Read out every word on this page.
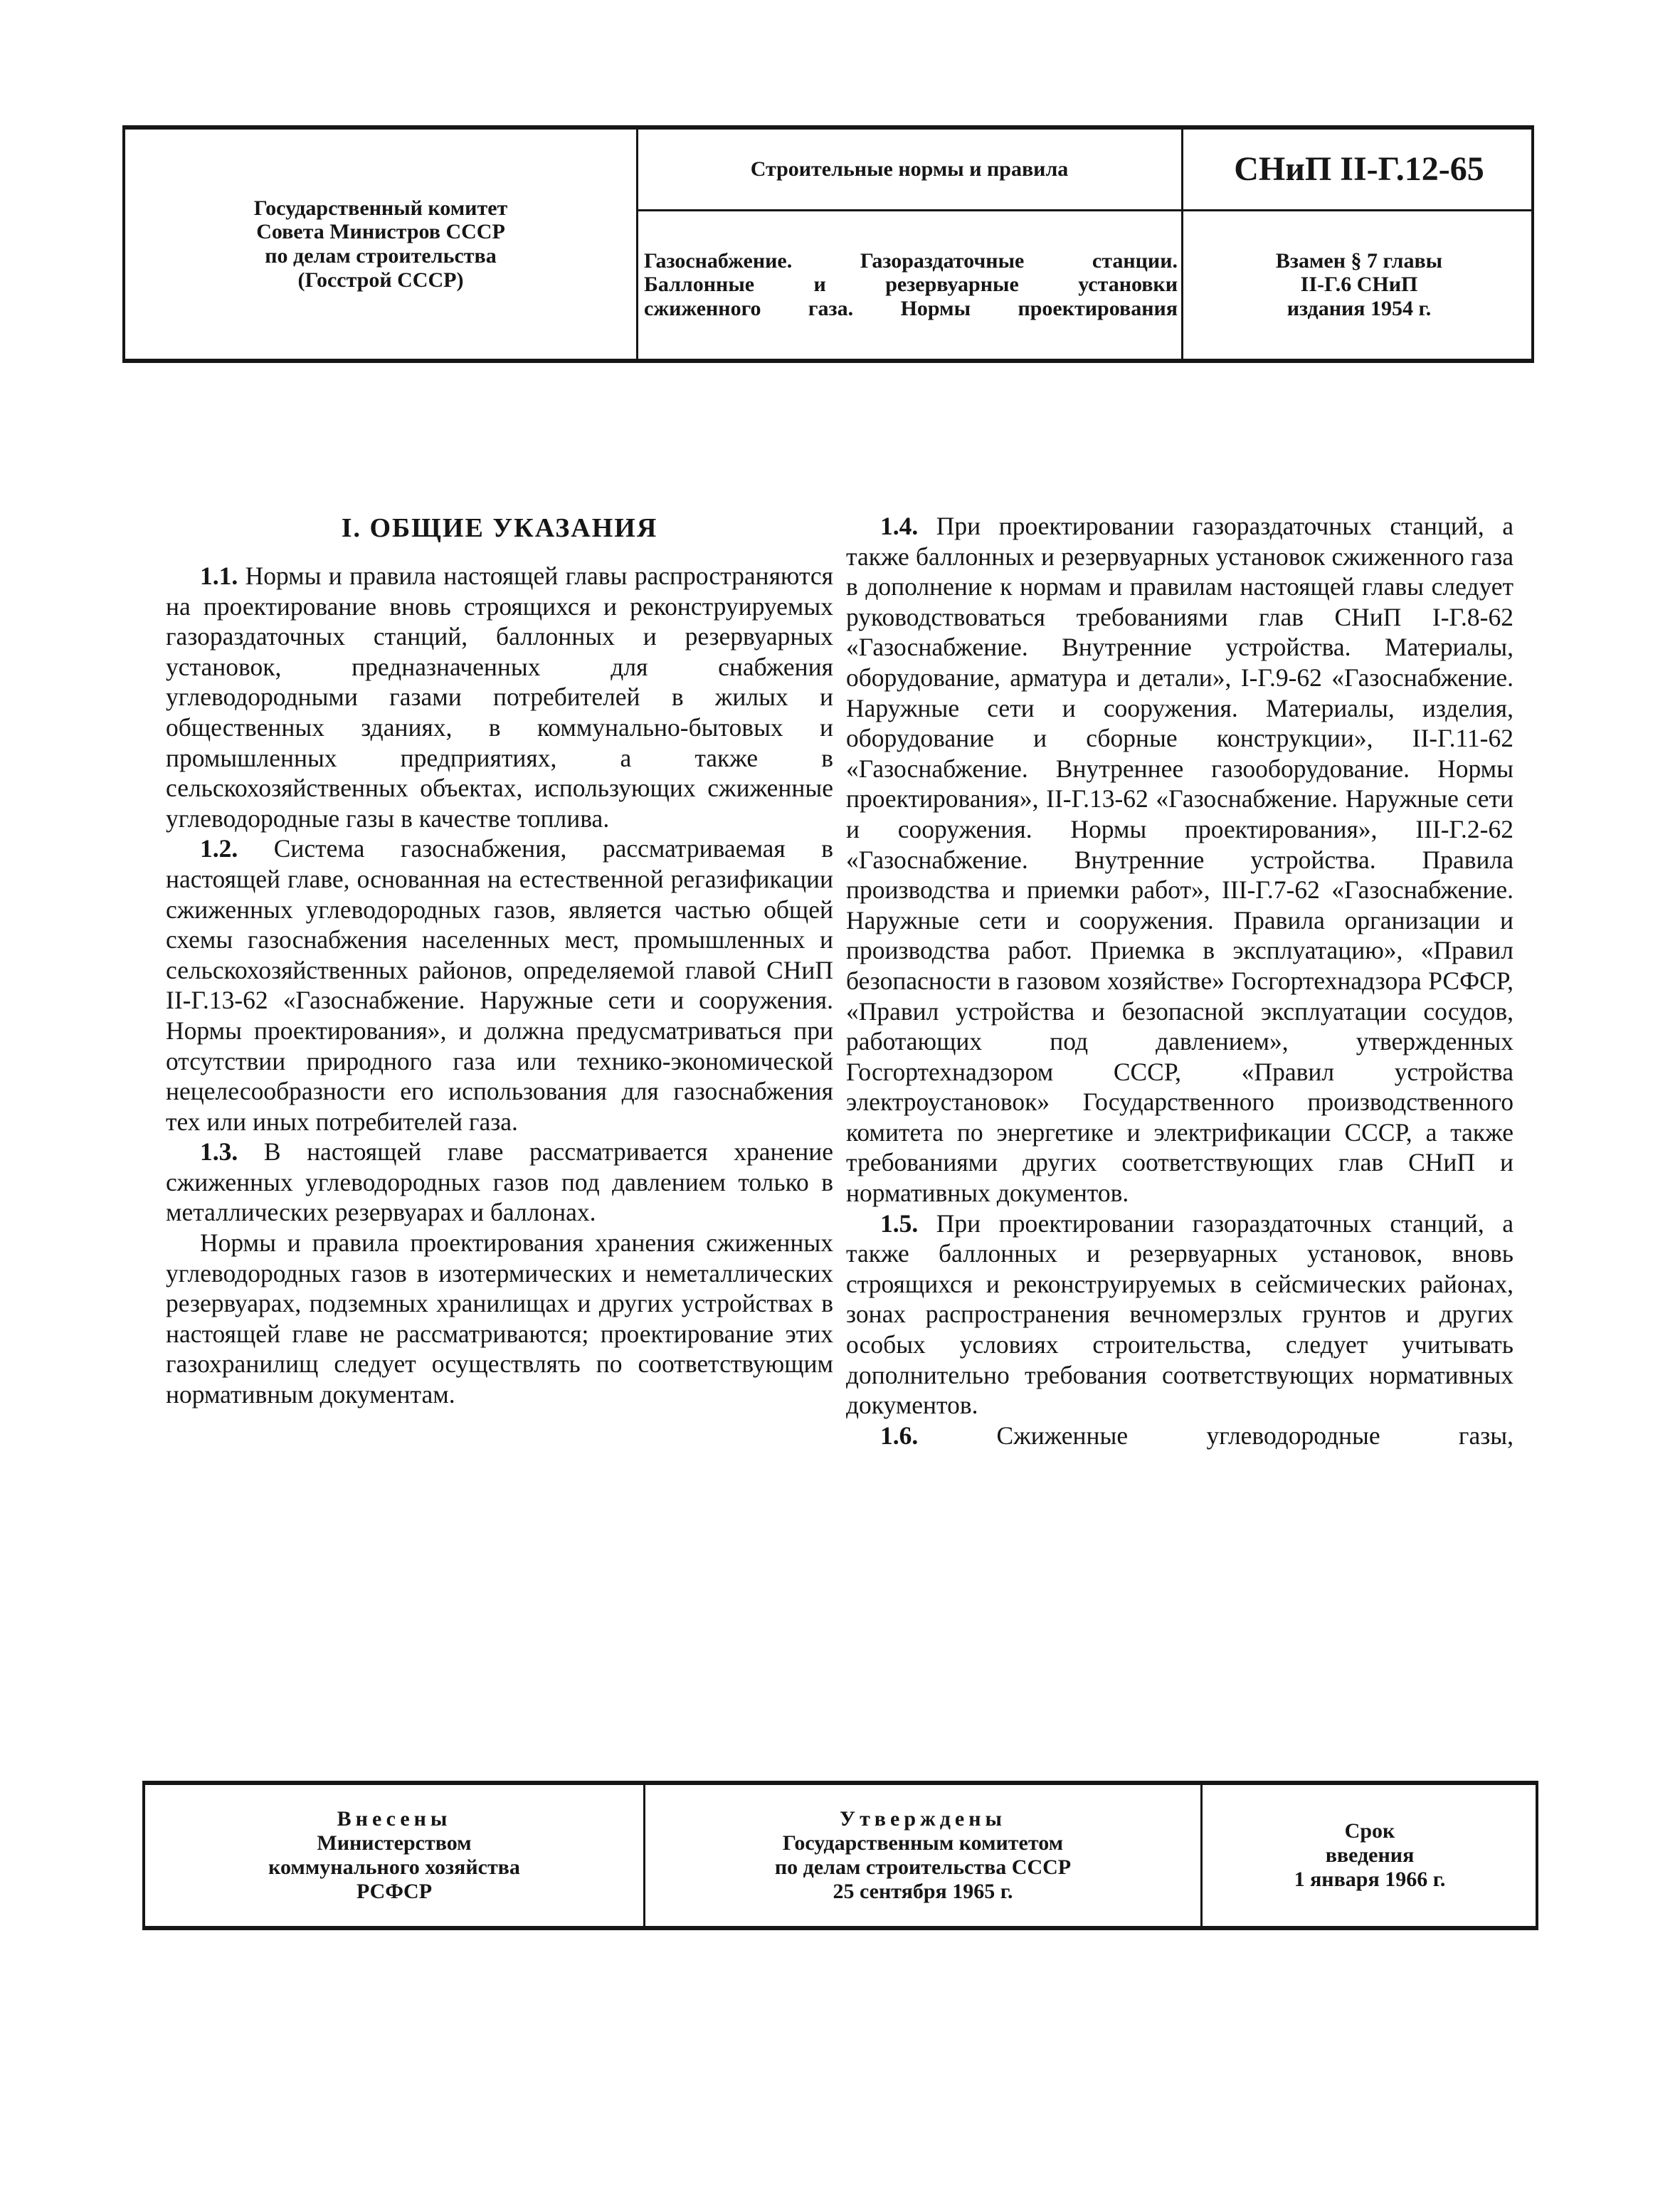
Государственный комитет
Совета Министров СССР
по делам строительства
(Госстрой СССР)
Строительные нормы и правила	СНиП II-Г.12-65
Газоснабжение. Газораздаточные станции.
Баллонные и резервуарные установки
сжиженного газа. Нормы проектирования
Взамен § 7 главы
II-Г.6 СНиП
издания 1954 г.

I. ОБЩИЕ УКАЗАНИЯ

1.1. Нормы и правила настоящей главы распространяются на проектирование вновь строящихся и реконструируемых газораздаточных станций, баллонных и резервуарных установок, предназначенных для снабжения углеводородными газами потребителей в жилых и общественных зданиях, в коммунально-бытовых и промышленных предприятиях, а также в сельскохозяйственных объектах, использующих сжиженные углеводородные газы в качестве топлива.

1.2. Система газоснабжения, рассматриваемая в настоящей главе, основанная на естественной регазификации сжиженных углеводородных газов, является частью общей схемы газоснабжения населенных мест, промышленных и сельскохозяйственных районов, определяемой главой СНиП II-Г.13-62 «Газоснабжение. Наружные сети и сооружения. Нормы проектирования», и должна предусматриваться при отсутствии природного газа или технико-экономической нецелесообразности его использования для газоснабжения тех или иных потребителей газа.

1.3. В настоящей главе рассматривается хранение сжиженных углеводородных газов под давлением только в металлических резервуарах и баллонах.

Нормы и правила проектирования хранения сжиженных углеводородных газов в изотермических и неметаллических резервуарах, подземных хранилищах и других устройствах в настоящей главе не рассматриваются; проектирование этих газохранилищ следует осуществлять по соответствующим нормативным документам.

1.4. При проектировании газораздаточных станций, а также баллонных и резервуарных установок сжиженного газа в дополнение к нормам и правилам настоящей главы следует руководствоваться требованиями глав СНиП I-Г.8-62 «Газоснабжение. Внутренние устройства. Материалы, оборудование, арматура и детали», I-Г.9-62 «Газоснабжение. Наружные сети и сооружения. Материалы, изделия, оборудование и сборные конструкции», II-Г.11-62 «Газоснабжение. Внутреннее газооборудование. Нормы проектирования», II-Г.13-62 «Газоснабжение. Наружные сети и сооружения. Нормы проектирования», III-Г.2-62 «Газоснабжение. Внутренние устройства. Правила производства и приемки работ», III-Г.7-62 «Газоснабжение. Наружные сети и сооружения. Правила организации и производства работ. Приемка в эксплуатацию», «Правил безопасности в газовом хозяйстве» Госгортехнадзора РСФСР, «Правил устройства и безопасной эксплуатации сосудов, работающих под давлением», утвержденных Госгортехнадзором СССР, «Правил устройства электроустановок» Государственного производственного комитета по энергетике и электрификации СССР, а также требованиями других соответствующих глав СНиП и нормативных документов.

1.5. При проектировании газораздаточных станций, а также баллонных и резервуарных установок, вновь строящихся и реконструируемых в сейсмических районах, зонах распространения вечномерзлых грунтов и других особых условиях строительства, следует учитывать дополнительно требования соответствующих нормативных документов.

1.6. Сжиженные углеводородные газы,

Внесены
Министерством
коммунального хозяйства
РСФСР
Утверждены
Государственным комитетом
по делам строительства СССР
25 сентября 1965 г.
Срок
введения
1 января 1966 г.
